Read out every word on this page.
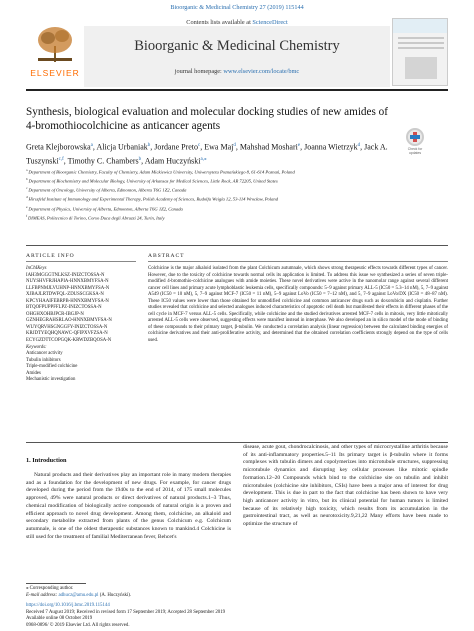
Bioorganic & Medicinal Chemistry 27 (2019) 115144
ELSEVIER
Contents lists available at ScienceDirect
Bioorganic & Medicinal Chemistry
journal homepage: www.elsevier.com/locate/bmc
Synthesis, biological evaluation and molecular docking studies of new amides of 4-bromothiocolchicine as anticancer agents
Check for updates
Greta Klejborowska$^a$, Alicja Urbaniak$^b$, Jordane Preto$^c$, Ewa Maj$^d$, Mahshad Moshari$^e$, Joanna Wietrzyk$^d$, Jack A. Tuszynski$^{c,f}$, Timothy C. Chambers$^b$, Adam Huczyński$^{a,⁎}$
$^a$ Department of Bioorganic Chemistry, Faculty of Chemistry, Adam Mickiewicz University, Uniwersytetu Poznańskiego 8, 61-614 Poznań, Poland
$^b$ Department of Biochemistry and Molecular Biology, University of Arkansas for Medical Sciences, Little Rock, AR 72205, United States
$^c$ Department of Oncology, University of Alberta, Edmonton, Alberta T6G 1Z2, Canada
$^d$ Hirszfeld Institute of Immunology and Experimental Therapy, Polish Academy of Sciences, Rudolfa Weigla 12, 53-114 Wrocław, Poland
$^e$ Department of Physics, University of Alberta, Edmonton, Alberta T6G 1Z2, Canada
$^f$ DIMEAS, Politecnico di Torino, Corso Duca degli Abruzzi 24, Turin, Italy
ARTICLE INFO	ABSTRACT
InChIKeys
IAH3MGGGTNLKSZ-INIZCTOSSA-N
NUYSHVFRJHAPIA-HNNXBMYFSA-N
LLFBPNMJLVUHNP-HNNXBMYFSA-N
XJBAJLRTDWFQL-ZDUSSCGKSA-N
KPCYHAAIFEBRPB-HNNXBMYFSA-N
BTQOFPUPPFFLPZ-INIZCTOSSA-N
OHGHXOHBJPCR-IBGJP-N
GZNHEGRAHSRLAO-HNNXBMYFSA-N
WUYQRVHSGNGGFY-INIZCTOSSA-N
KRJDTYEQHQNAWC-QFIPXVFZSA-N
ECYGZDTTCOPGQK-KRWDZBQOSA-N
Keywords:
Anticancer activity
Tubulin inhibitors
Triple-modified colchicine
Amides
Mechanistic investigation
Colchicine is the major alkaloid isolated from the plant Colchicum autumnale, which shows strong therapeutic effects towards different types of cancer. However, due to the toxicity of colchicine towards normal cells its application is limited. To address this issue we synthesized a series of seven triple-modified 4-bromothio-colchicine analogues with amide moieties. These novel derivatives were active in the nanomolar range against several different cancer cell lines and primary acute lymphoblastic leukemia cells, specifically compounds: 5–9 against primary ALL-5 (IC50 = 5.3–14 nM), 5, 7–9 against A549 (IC50 = 10 nM), 5, 7–9 against MCF-7 (IC50 = 11 nM), 5–9 against LoVo (IC50 = 7–12 nM), and 5, 7–9 against LoVo/DX (IC50 = 48–87 nM). These IC50 values were lower than those obtained for unmodified colchicine and common anticancer drugs such as doxorubicin and cisplatin. Further studies revealed that colchicine and selected analogues induced characteristics of apoptotic cell death but manifested their effects in different phases of the cell cycle in MCF-7 versus ALL-5 cells. Specifically, while colchicine and the studied derivatives arrested MCF-7 cells in mitosis, very little mitotically arrested ALL-5 cells were observed, suggesting effects were manifest instead in interphase. We also developed an in silico model of the mode of binding of these compounds to their primary target, β-tubulin. We conducted a correlation analysis (linear regression) between the calculated binding energies of colchicine derivatives and their anti-proliferative activity, and determined that the obtained correlation coefficients strongly depend on the type of cells used.
1. Introduction
Natural products and their derivatives play an important role in many modern therapies and as a foundation for the development of new drugs. For example, for cancer drugs developed during the period from the 1940s to the end of 2014, of 175 small molecules approved, 49% were natural products or direct derivatives of natural products.1–3 Thus, chemical modification of biologically active compounds of natural origin is a proven and efficient approach to novel drug development. Among them, colchicine, an alkaloid and secondary metabolite extracted from plants of the genus Colchicum e.g. Colchicum autumnale, is one of the oldest therapeutic substances known to mankind.4 Colchicine is still used for the treatment of familial Mediterranean fever, Behcet's
disease, acute gout, chondrocalcinosis, and other types of microcrystalline arthritis because of its anti-inflammatory properties.5–11 Its primary target is β-tubulin where it forms complexes with tubulin dimers and copolymerizes into microtubule structures, suppressing microtubule dynamics and disrupting key cellular processes like mitotic spindle formation.12–20 Compounds which bind to the colchicine site on tubulin and inhibit microtubules (colchicine site inhibitors, CSIs) have been a major area of interest for drug development. This is due in part to the fact that colchicine has been shown to have very high anticancer activity in vitro, but its clinical potential for human tumors is limited because of its relatively high toxicity, which results from its accumulation in the gastrointestinal tract, as well as neurotoxicity.9,21,22 Many efforts have been made to optimize the structure of
⁎ Corresponding author.
E-mail address: adhucz@amu.edu.pl (A. Huczyński).
https://doi.org/10.1016/j.bmc.2019.115144
Received 7 August 2019; Received in revised form 17 September 2019; Accepted 28 September 2019
Available online 08 October 2019
0968-0896/ © 2019 Elsevier Ltd. All rights reserved.
